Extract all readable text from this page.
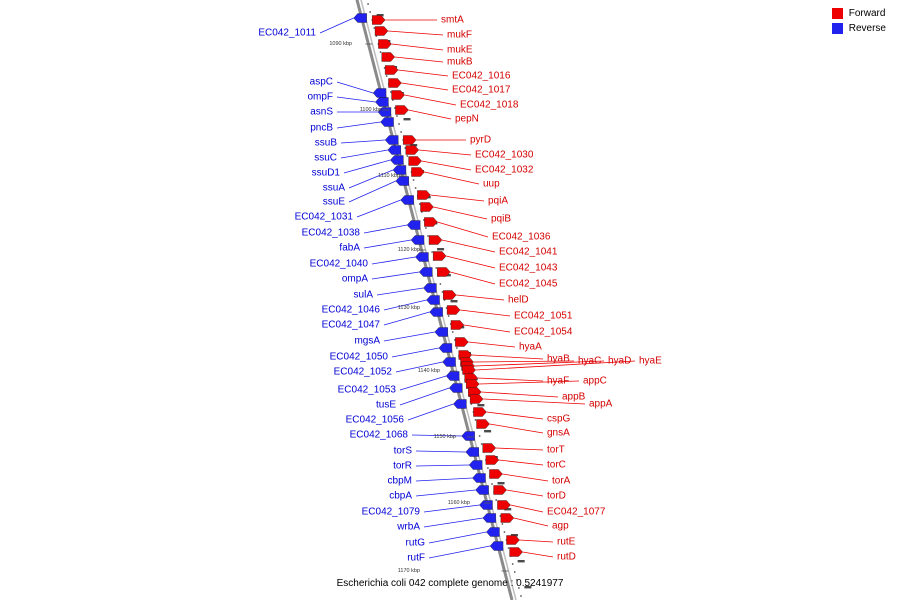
smtA
mukF
mukE
mukB
EC042_1016
EC042_1017
EC042_1018
pepN
pyrD
EC042_1030
EC042_1032
uup
pqiA
pqiB
EC042_1036
EC042_1041
EC042_1043
EC042_1045
helD
EC042_1051
EC042_1054
hyaA
hyaB hyaC hyaD hyaE
hyaF appC
appB
appA
cspG
gnsA
torT
torC
torA
torD
EC042_1077
agp
rutE
rutD
EC042_1011
aspC
ompF
asnS
pncB
ssuB
ssuC
ssuD1
ssuA
ssuE
EC042_1031
EC042_1038
fabA
EC042_1040
ompA
sulA
EC042_1046
EC042_1047
mgsA
EC042_1050
EC042_1052
EC042_1053
tusE
EC042_1056
EC042_1068
torS
torR
cbpM
cbpA
EC042_1079
wrbA
rutG
rutF
1090 kbp
1100 kbp
1110 kbp
1120 kbp
1130 kbp
1140 kbp
1150 kbp
1160 kbp
1170 kbp
Escherichia coli 042 complete genome : 0.5241977
Forward
Reverse
